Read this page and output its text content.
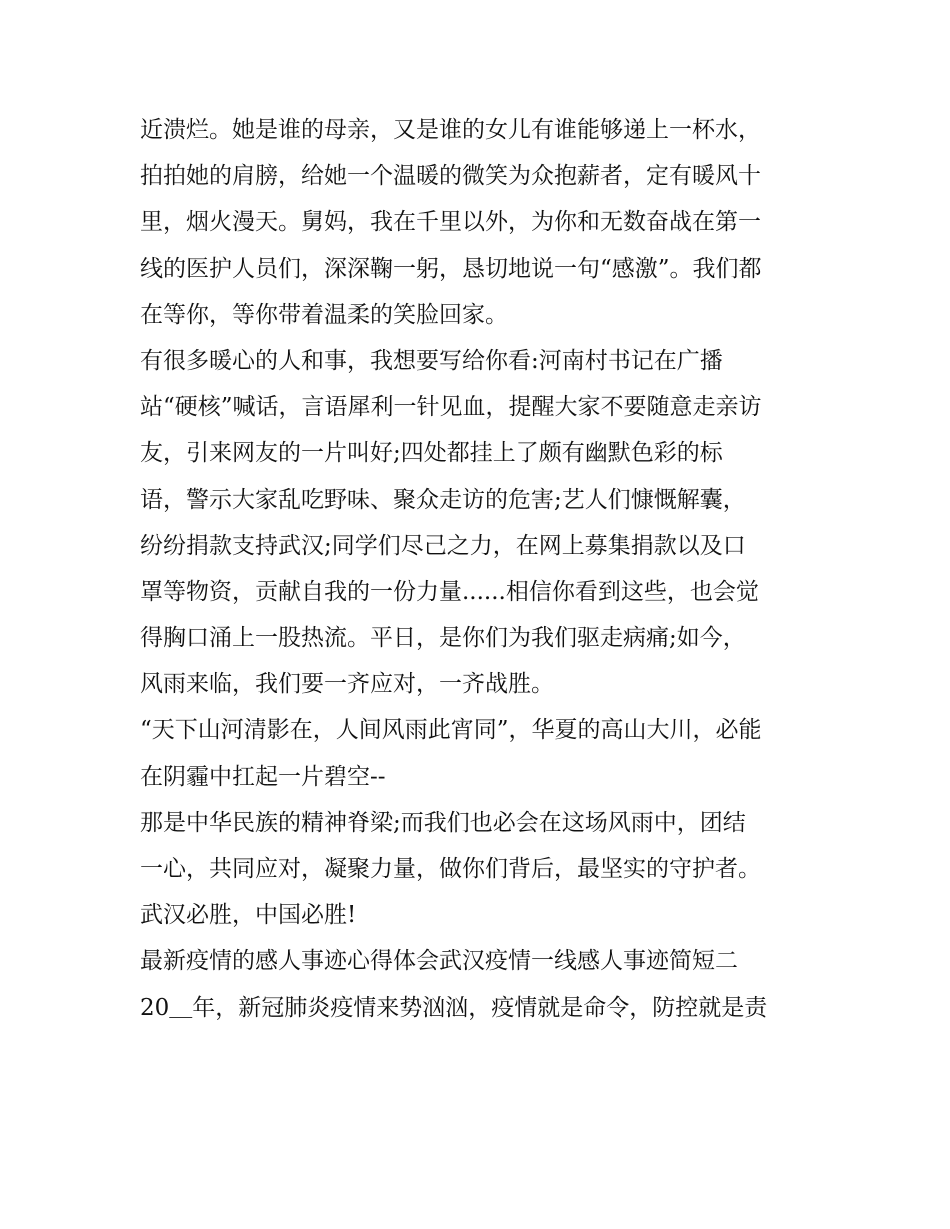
近溃烂。她是谁的母亲，又是谁的女儿有谁能够递上一杯水，
拍拍她的肩膀，给她一个温暖的微笑为众抱薪者，定有暖风十
里，烟火漫天。舅妈，我在千里以外，为你和无数奋战在第一
线的医护人员们，深深鞠一躬，恳切地说一句“感激”。我们都
在等你，等你带着温柔的笑脸回家。
有很多暖心的人和事，我想要写给你看:河南村书记在广播
站“硬核”喊话，言语犀利一针见血，提醒大家不要随意走亲访
友，引来网友的一片叫好;四处都挂上了颇有幽默色彩的标
语，警示大家乱吃野味、聚众走访的危害;艺人们慷慨解囊，
纷纷捐款支持武汉;同学们尽己之力，在网上募集捐款以及口
罩等物资，贡献自我的一份力量......相信你看到这些，也会觉
得胸口涌上一股热流。平日，是你们为我们驱走病痛;如今，
风雨来临，我们要一齐应对，一齐战胜。
“天下山河清影在，人间风雨此宵同”，华夏的高山大川，必能
在阴霾中扛起一片碧空--
那是中华民族的精神脊梁;而我们也必会在这场风雨中，团结
一心，共同应对，凝聚力量，做你们背后，最坚实的守护者。
武汉必胜，中国必胜!
最新疫情的感人事迹心得体会武汉疫情一线感人事迹简短二
20＿年，新冠肺炎疫情来势汹汹，疫情就是命令，防控就是责
